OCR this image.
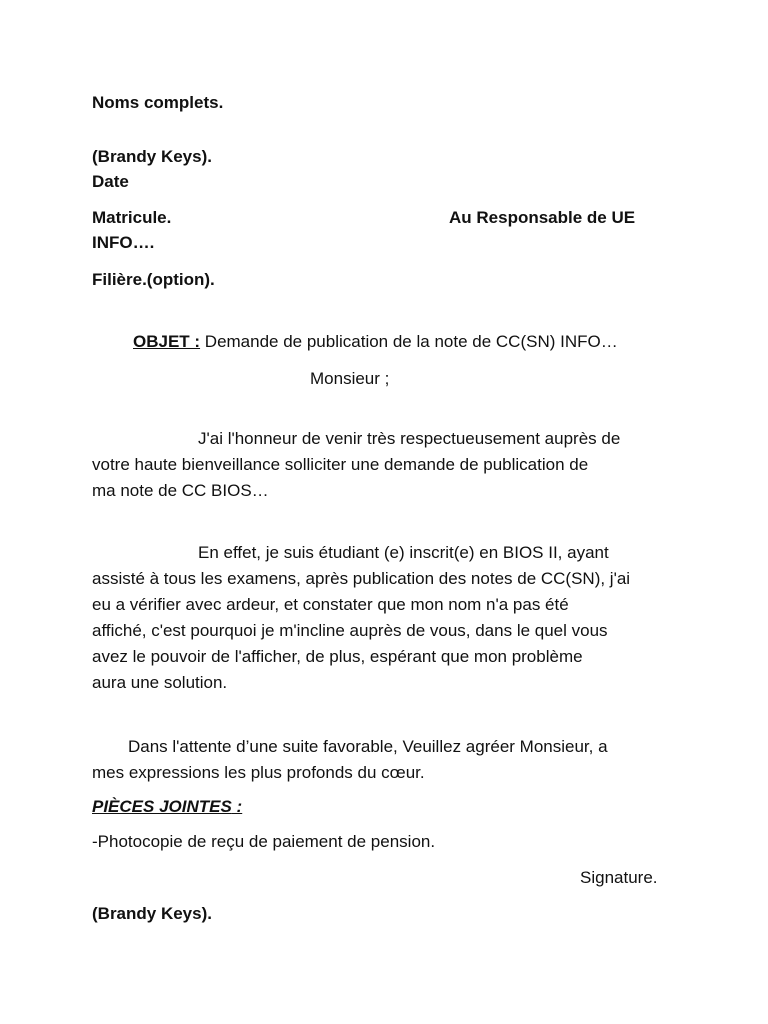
Noms complets.
(Brandy Keys).
Date
Matricule.	Au Responsable de UE
INFO….
Filière.(option).
OBJET : Demande de publication de la note de CC(SN) INFO…
Monsieur ;
J'ai l'honneur de venir très respectueusement auprès de
votre haute bienveillance solliciter une demande de publication de
ma note de CC BIOS…
En effet, je suis étudiant (e) inscrit(e) en BIOS II, ayant
assisté à tous les examens, après publication des notes de CC(SN), j'ai
eu a vérifier avec ardeur, et constater que mon nom n'a pas été
affiché, c'est pourquoi je m'incline auprès de vous, dans le quel vous
avez le pouvoir de l'afficher, de plus, espérant que mon problème
aura une solution.
Dans l'attente d’une suite favorable, Veuillez agréer Monsieur, a
mes expressions les plus profonds du cœur.
PIÈCES JOINTES :
-Photocopie de reçu de paiement de pension.
Signature.
(Brandy Keys).
